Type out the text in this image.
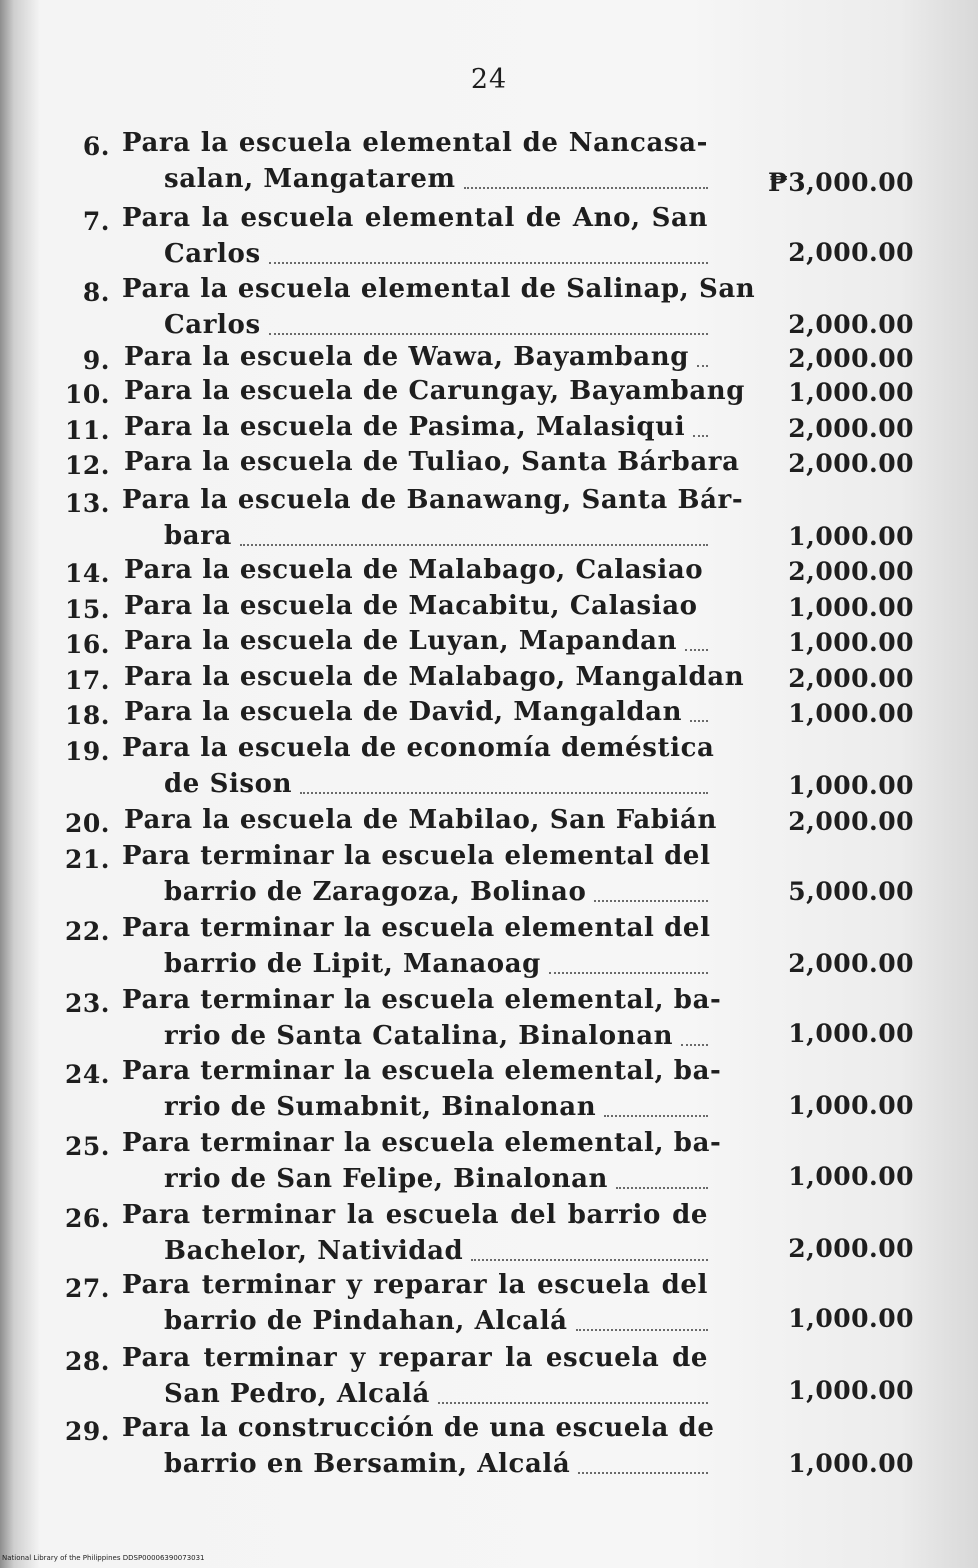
24
6. Para la escuela elemental de Nancasa-
salan, Mangatarem	₱3,000.00
7. Para la escuela elemental de Ano, San
Carlos	2,000.00
8. Para la escuela elemental de Salinap, San
Carlos	2,000.00
9. Para la escuela de Wawa, Bayambang	2,000.00
10. Para la escuela de Carungay, Bayambang 1,000.00
11. Para la escuela de Pasima, Malasiqui	2,000.00
12. Para la escuela de Tuliao, Santa Bárbara 2,000.00
13. Para la escuela de Banawang, Santa Bár-
bara	1,000.00
14. Para la escuela de Malabago, Calasiao	2,000.00
15. Para la escuela de Macabitu, Calasiao	1,000.00
16. Para la escuela de Luyan, Mapandan	1,000.00
17. Para la escuela de Malabago, Mangaldan 2,000.00
18. Para la escuela de David, Mangaldan	1,000.00
19. Para la escuela de economía deméstica
de Sison	1,000.00
20. Para la escuela de Mabilao, San Fabián	2,000.00
21. Para terminar la escuela elemental del
barrio de Zaragoza, Bolinao	5,000.00
22. Para terminar la escuela elemental del
barrio de Lipit, Manaoag	2,000.00
23. Para terminar la escuela elemental, ba-
rrio de Santa Catalina, Binalonan	1,000.00
24. Para terminar la escuela elemental, ba-
rrio de Sumabnit, Binalonan	1,000.00
25. Para terminar la escuela elemental, ba-
rrio de San Felipe, Binalonan	1,000.00
26. Para terminar la escuela del barrio de
Bachelor, Natividad	2,000.00
27. Para terminar y reparar la escuela del
barrio de Pindahan, Alcalá	1,000.00
28. Para terminar y reparar la escuela de
San Pedro, Alcalá	1,000.00
29. Para la construcción de una escuela de
barrio en Bersamin, Alcalá	1,000.00
National Library of the Philippines DDSP00006390073031
